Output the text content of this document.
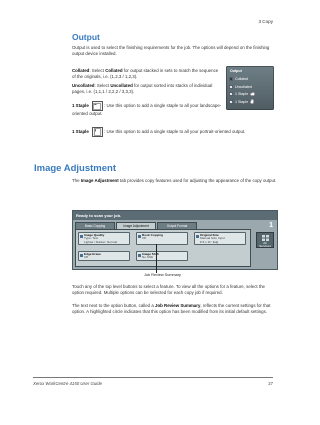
3 Copy
Output
Output is used to select the finishing requirements for the job. The options will depend on the finishing output device installed.
Collated: Select Collated for output stacked in sets to match the sequence of the originals, i.e. (1,2,3 / 1,2,3).
Uncollated: Select Uncollated for output sorted into stacks of individual pages, i.e. (1,1,1 / 2,2,2 / 3,3,3).
1 Staple	: Use this option to add a single staple to all your landscape-oriented output.
1 Staple	: Use this option to add a single staple to all your portrait-oriented output.
Output
Collated
Uncollated
1 Staple
1 Staple
Image Adjustment
The Image Adjustment tab provides copy features used for adjusting the appearance of the copy output.
Ready to scan your job.
1
Basic Copying	Image Adjustment	Output Format
Image Quality
Type: Text
Lighter / Darker: Normal
Book Copying
Off
Original Size
Manual Size Input
8.5 x 11" Edg
Edge Erase
Off
Image Shift
No Shift
All Services
Job Review Summary
Touch any of the top level buttons to select a feature. To view all the options for a feature, select the option required. Multiple options can be selected for each copy job if required.
The text next to the option button, called a Job Review Summary, reflects the current settings for that option. A highlighted circle indicates that this option has been modified from its initial default settings.
Xerox WorkCentre 4150 User Guide	27
